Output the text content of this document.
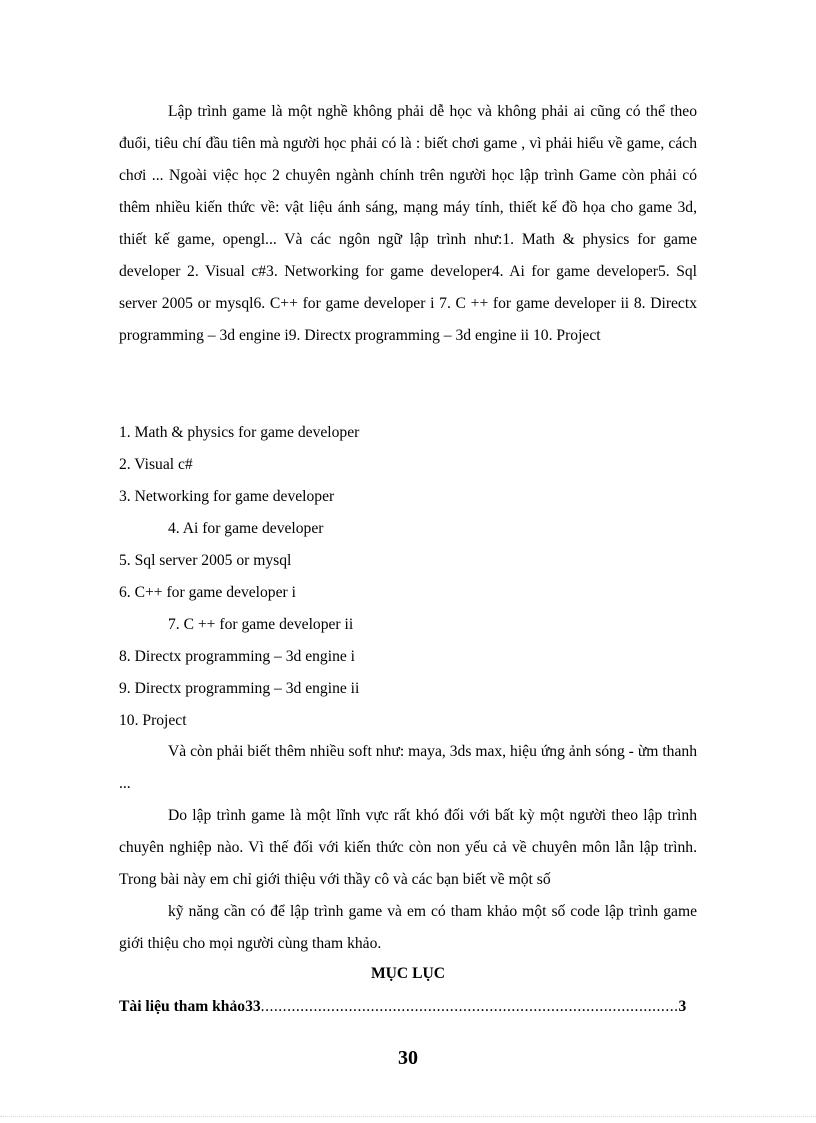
Lập trình game là một nghề không phải dễ học và không phải ai cũng có thể theo đuổi, tiêu chí đầu tiên mà người học phải có là : biết chơi game , vì phải hiểu về game, cách chơi ... Ngoài việc học 2 chuyên ngành chính trên người học lập trình Game còn phải có thêm nhiều kiến thức về: vật liệu ánh sáng, mạng máy tính, thiết kế đồ họa cho game 3d, thiết kế game, opengl... Và các ngôn ngữ lập trình như:1. Math & physics for game developer 2. Visual c#3. Networking for game developer4. Ai for game developer5. Sql server 2005 or mysql6. C++ for game developer i 7. C ++ for game developer ii 8. Directx programming – 3d engine i9. Directx programming – 3d engine ii 10. Project

1. Math & physics for game developer
2. Visual c#
3. Networking for game developer
4. Ai for game developer
5. Sql server 2005 or mysql
6. C++ for game developer i
7. C ++ for game developer ii
8. Directx programming – 3d engine i
9. Directx programming – 3d engine ii
10. Project

Và còn phải biết thêm nhiều soft như: maya, 3ds max, hiệu ứng ảnh sóng - ừm thanh ...

Do lập trình game là một lĩnh vực rất khó đối với bất kỳ một người theo lập trình chuyên nghiệp nào. Vì thế đối với kiến thức còn non yếu cả về chuyên môn lẫn lập trình. Trong bài này em chỉ giới thiệu với thầy cô và các bạn biết về một số

kỹ năng cần có để lập trình game và em có tham khảo một số code lập trình game giới thiệu cho mọi người cùng tham khảo.

MỤC LỤC
Tài liệu tham khảo33...............................................................................................3
30
